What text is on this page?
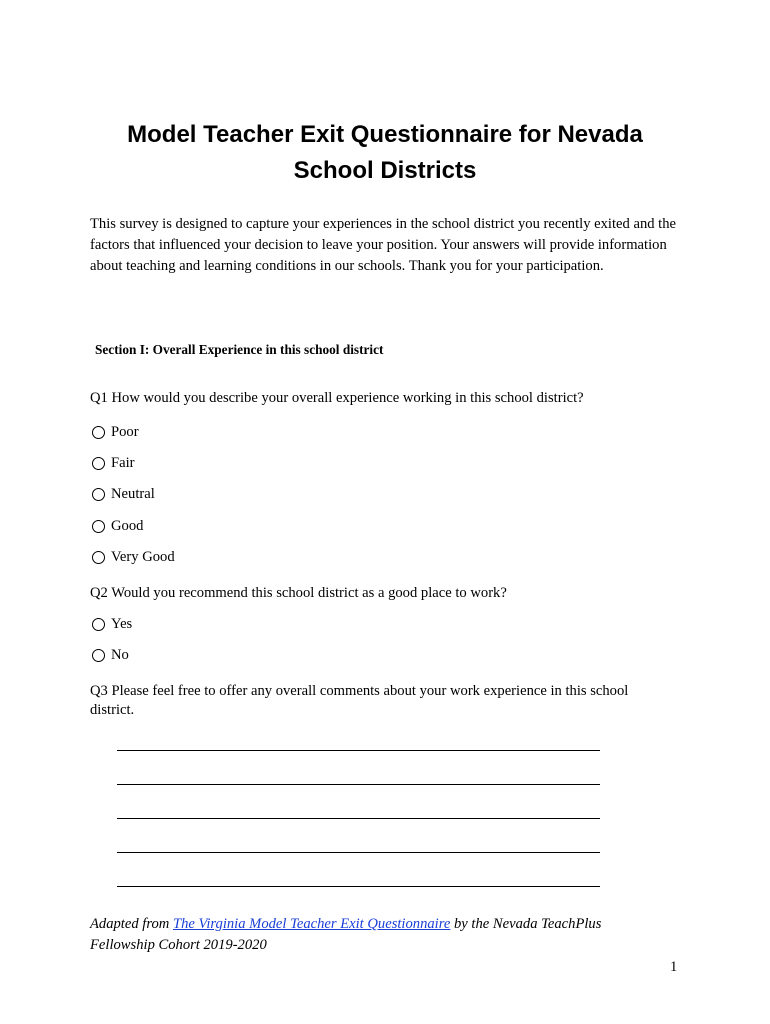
Model Teacher Exit Questionnaire for Nevada
School Districts

This survey is designed to capture your experiences in the school district you recently exited and the factors that influenced your decision to leave your position. Your answers will provide information about teaching and learning conditions in our schools. Thank you for your participation.

Section I: Overall Experience in this school district

Q1 How would you describe your overall experience working in this school district?

Poor
Fair
Neutral
Good
Very Good

Q2 Would you recommend this school district as a good place to work?

Yes
No

Q3 Please feel free to offer any overall comments about your work experience in this school district.

Adapted from The Virginia Model Teacher Exit Questionnaire by the Nevada TeachPlus Fellowship Cohort 2019-2020

1
